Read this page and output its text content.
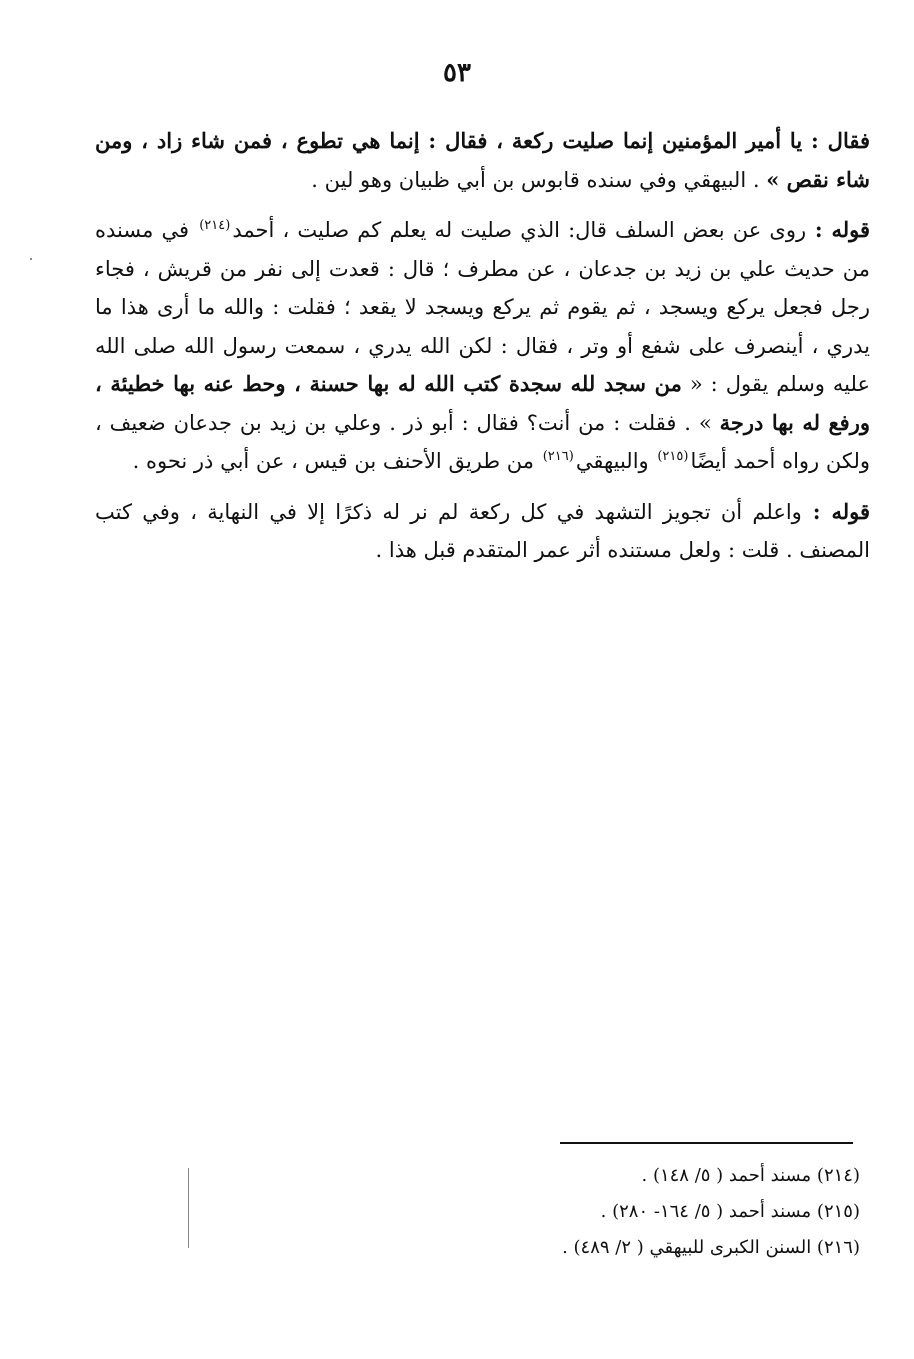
٥٣

فقال : يا أمير المؤمنين إنما صليت ركعة ، فقال : إنما هي تطوع ، فمن شاء زاد ، ومن شاء نقص » . البيهقي وفي سنده قابوس بن أبي ظبيان وهو لين .

قوله : روى عن بعض السلف قال: الذي صليت له يعلم كم صليت ، أحمد$^{(٢١٤)}$ في مسنده من حديث علي بن زيد بن جدعان ، عن مطرف ؛ قال : قعدت إلى نفر من قريش ، فجاء رجل فجعل يركع ويسجد ، ثم يقوم ثم يركع ويسجد لا يقعد ؛ فقلت : والله ما أرى هذا ما يدري ، أينصرف على شفع أو وتر ، فقال : لكن الله يدري ، سمعت رسول الله صلى الله عليه وسلم يقول : « من سجد لله سجدة كتب الله له بها حسنة ، وحط عنه بها خطيئة ، ورفع له بها درجة » . فقلت : من أنت؟ فقال : أبو ذر . وعلي بن زيد بن جدعان ضعيف ، ولكن رواه أحمد أيضًا$^{(٢١٥)}$ والبيهقي$^{(٢١٦)}$ من طريق الأحنف بن قيس ، عن أبي ذر نحوه .

قوله : واعلم أن تجويز التشهد في كل ركعة لم نر له ذكرًا إلا في النهاية ، وفي كتب المصنف . قلت : ولعل مستنده أثر عمر المتقدم قبل هذا .

(٢١٤) مسند أحمد ( ٥/ ١٤٨) .

(٢١٥) مسند أحمد ( ٥/ ١٦٤- ٢٨٠) .

(٢١٦) السنن الكبرى للبيهقي ( ٢/ ٤٨٩) .
